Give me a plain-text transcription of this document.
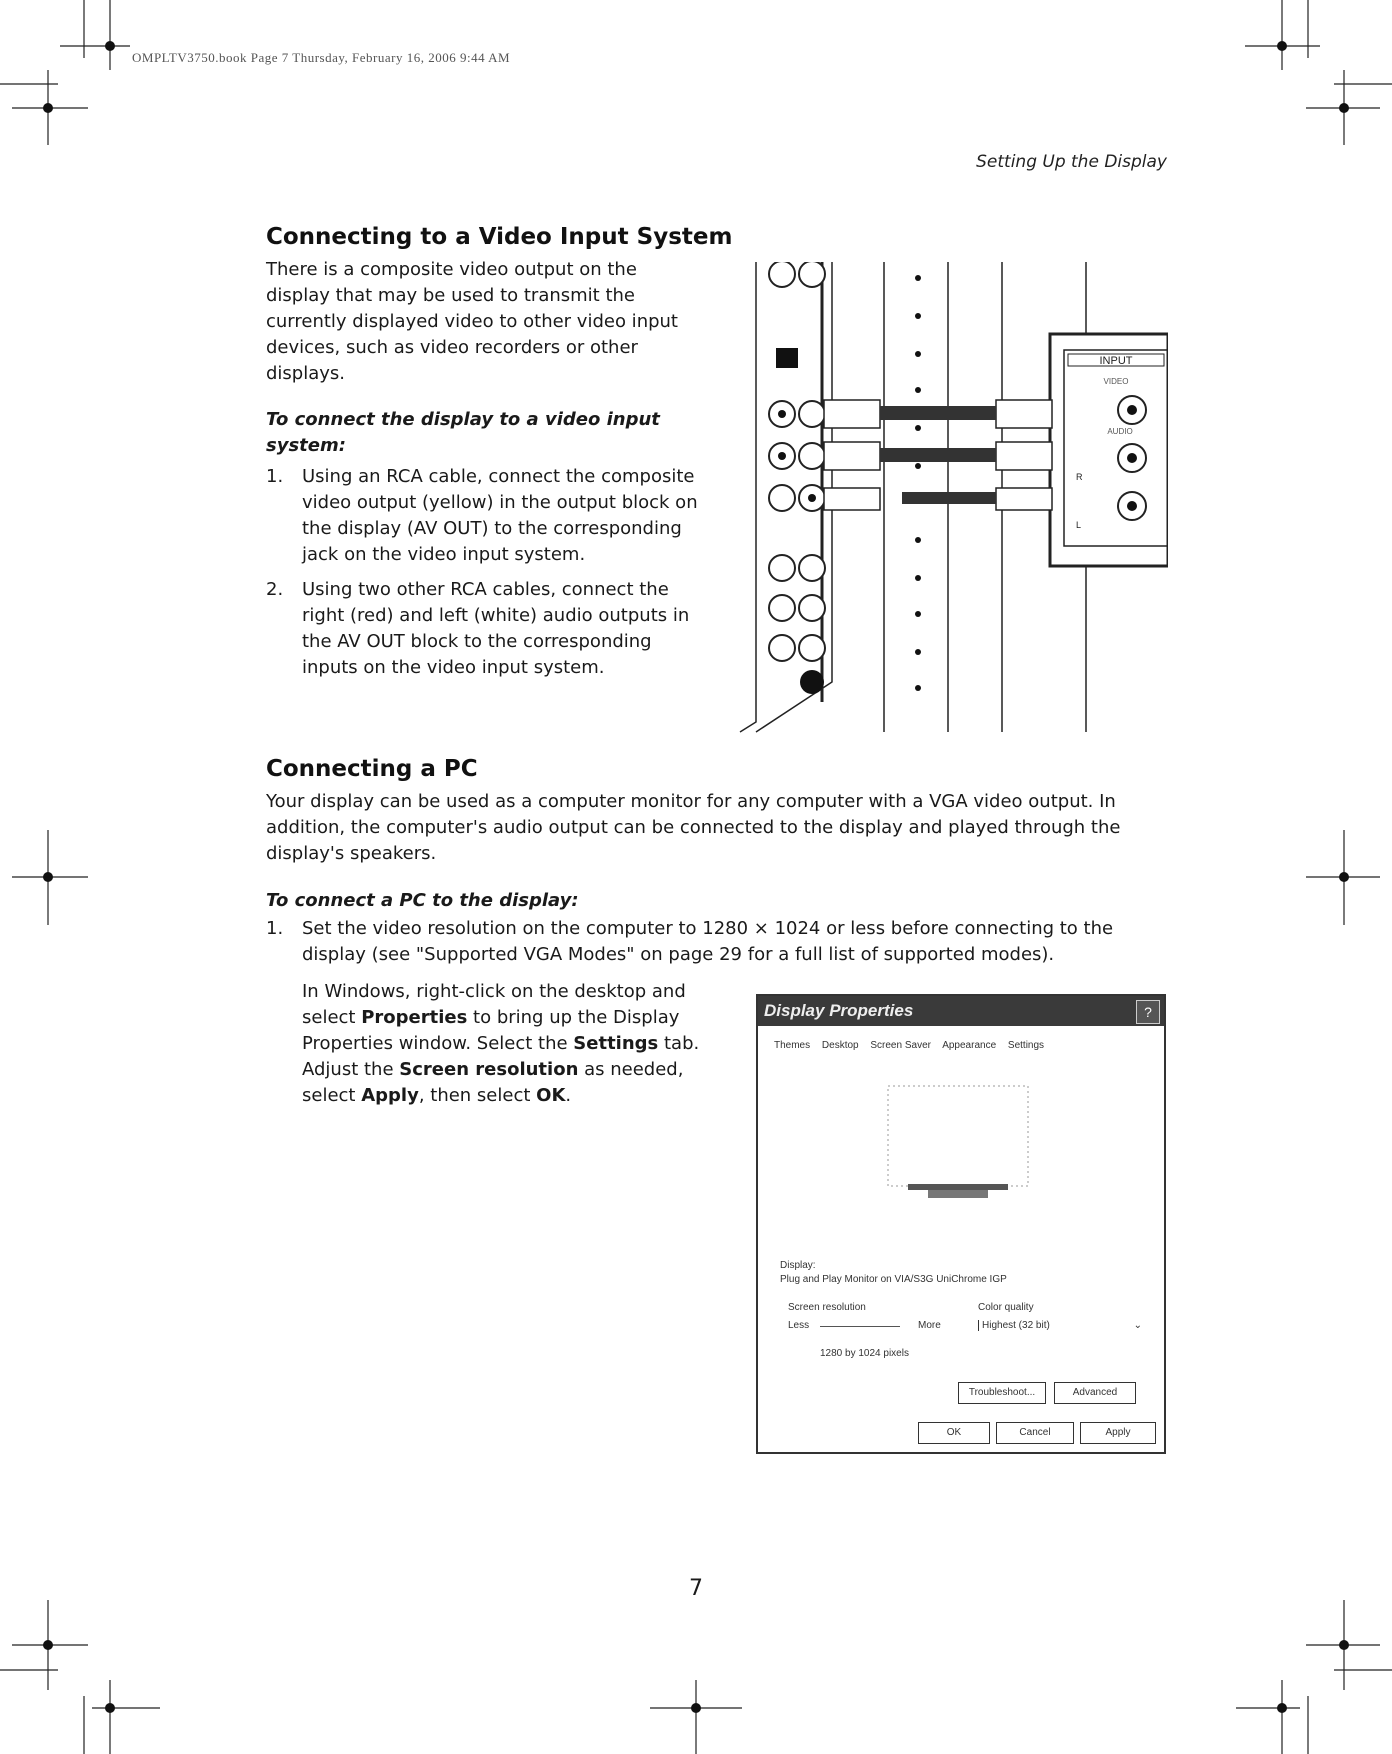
OMPLTV3750.book Page 7 Thursday, February 16, 2006 9:44 AM
Setting Up the Display
Connecting to a Video Input System
There is a composite video output on the display that may be used to transmit the currently displayed video to other video input devices, such as video recorders or other displays.
To connect the display to a video input system:
1. Using an RCA cable, connect the composite video output (yellow) in the output block on the display (AV OUT) to the corresponding jack on the video input system.
2. Using two other RCA cables, connect the right (red) and left (white) audio outputs in the AV OUT block to the corresponding inputs on the video input system.
INPUT
VIDEO
AUDIO
R
L
Connecting a PC
Your display can be used as a computer monitor for any computer with a VGA video output. In addition, the computer's audio output can be connected to the display and played through the display's speakers.
To connect a PC to the display:
1. Set the video resolution on the computer to 1280 × 1024 or less before connecting to the display (see "Supported VGA Modes" on page 29 for a full list of supported modes).
In Windows, right-click on the desktop and select Properties to bring up the Display Properties window. Select the Settings tab. Adjust the Screen resolution as needed, select Apply, then select OK.
Display Properties	?
Themes Desktop Screen Saver Appearance Settings
Display:
Plug and Play Monitor on VIA/S3G UniChrome IGP
Screen resolution
Less	More
1280 by 1024 pixels
Color quality
Highest (32 bit)	⌄
Troubleshoot...	Advanced
OK	Cancel	Apply
7
